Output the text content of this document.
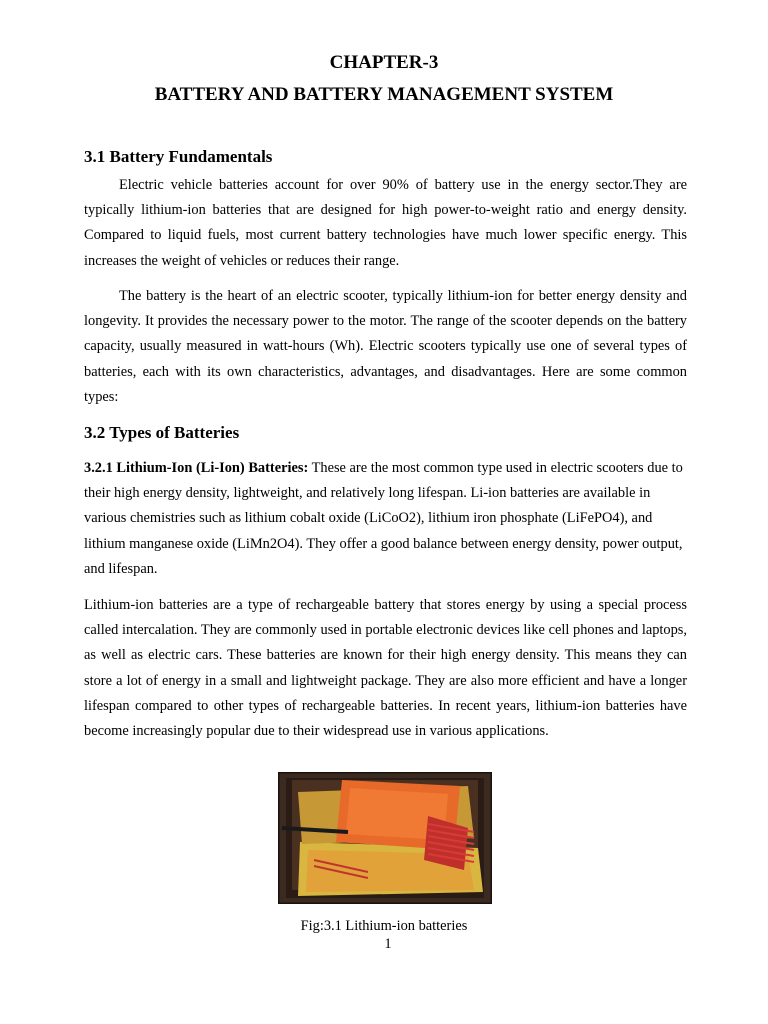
CHAPTER-3
BATTERY AND BATTERY MANAGEMENT SYSTEM
3.1 Battery Fundamentals

Electric vehicle batteries account for over 90% of battery use in the energy sector.They are typically lithium-ion batteries that are designed for high power-to-weight ratio and energy density. Compared to liquid fuels, most current battery technologies have much lower specific energy. This increases the weight of vehicles or reduces their range.

The battery is the heart of an electric scooter, typically lithium-ion for better energy density and longevity. It provides the necessary power to the motor. The range of the scooter depends on the battery capacity, usually measured in watt-hours (Wh). Electric scooters typically use one of several types of batteries, each with its own characteristics, advantages, and disadvantages. Here are some common types:

3.2 Types of Batteries

3.2.1 Lithium-Ion (Li-Ion) Batteries: These are the most common type used in electric scooters due to their high energy density, lightweight, and relatively long lifespan. Li-ion batteries are available in various chemistries such as lithium cobalt oxide (LiCoO2), lithium iron phosphate (LiFePO4), and lithium manganese oxide (LiMn2O4). They offer a good balance between energy density, power output, and lifespan.

Lithium-ion batteries are a type of rechargeable battery that stores energy by using a special process called intercalation. They are commonly used in portable electronic devices like cell phones and laptops, as well as electric cars. These batteries are known for their high energy density. This means they can store a lot of energy in a small and lightweight package. They are also more efficient and have a longer lifespan compared to other types of rechargeable batteries. In recent years, lithium-ion batteries have become increasingly popular due to their widespread use in various applications.

Fig:3.1 Lithium-ion batteries
1
